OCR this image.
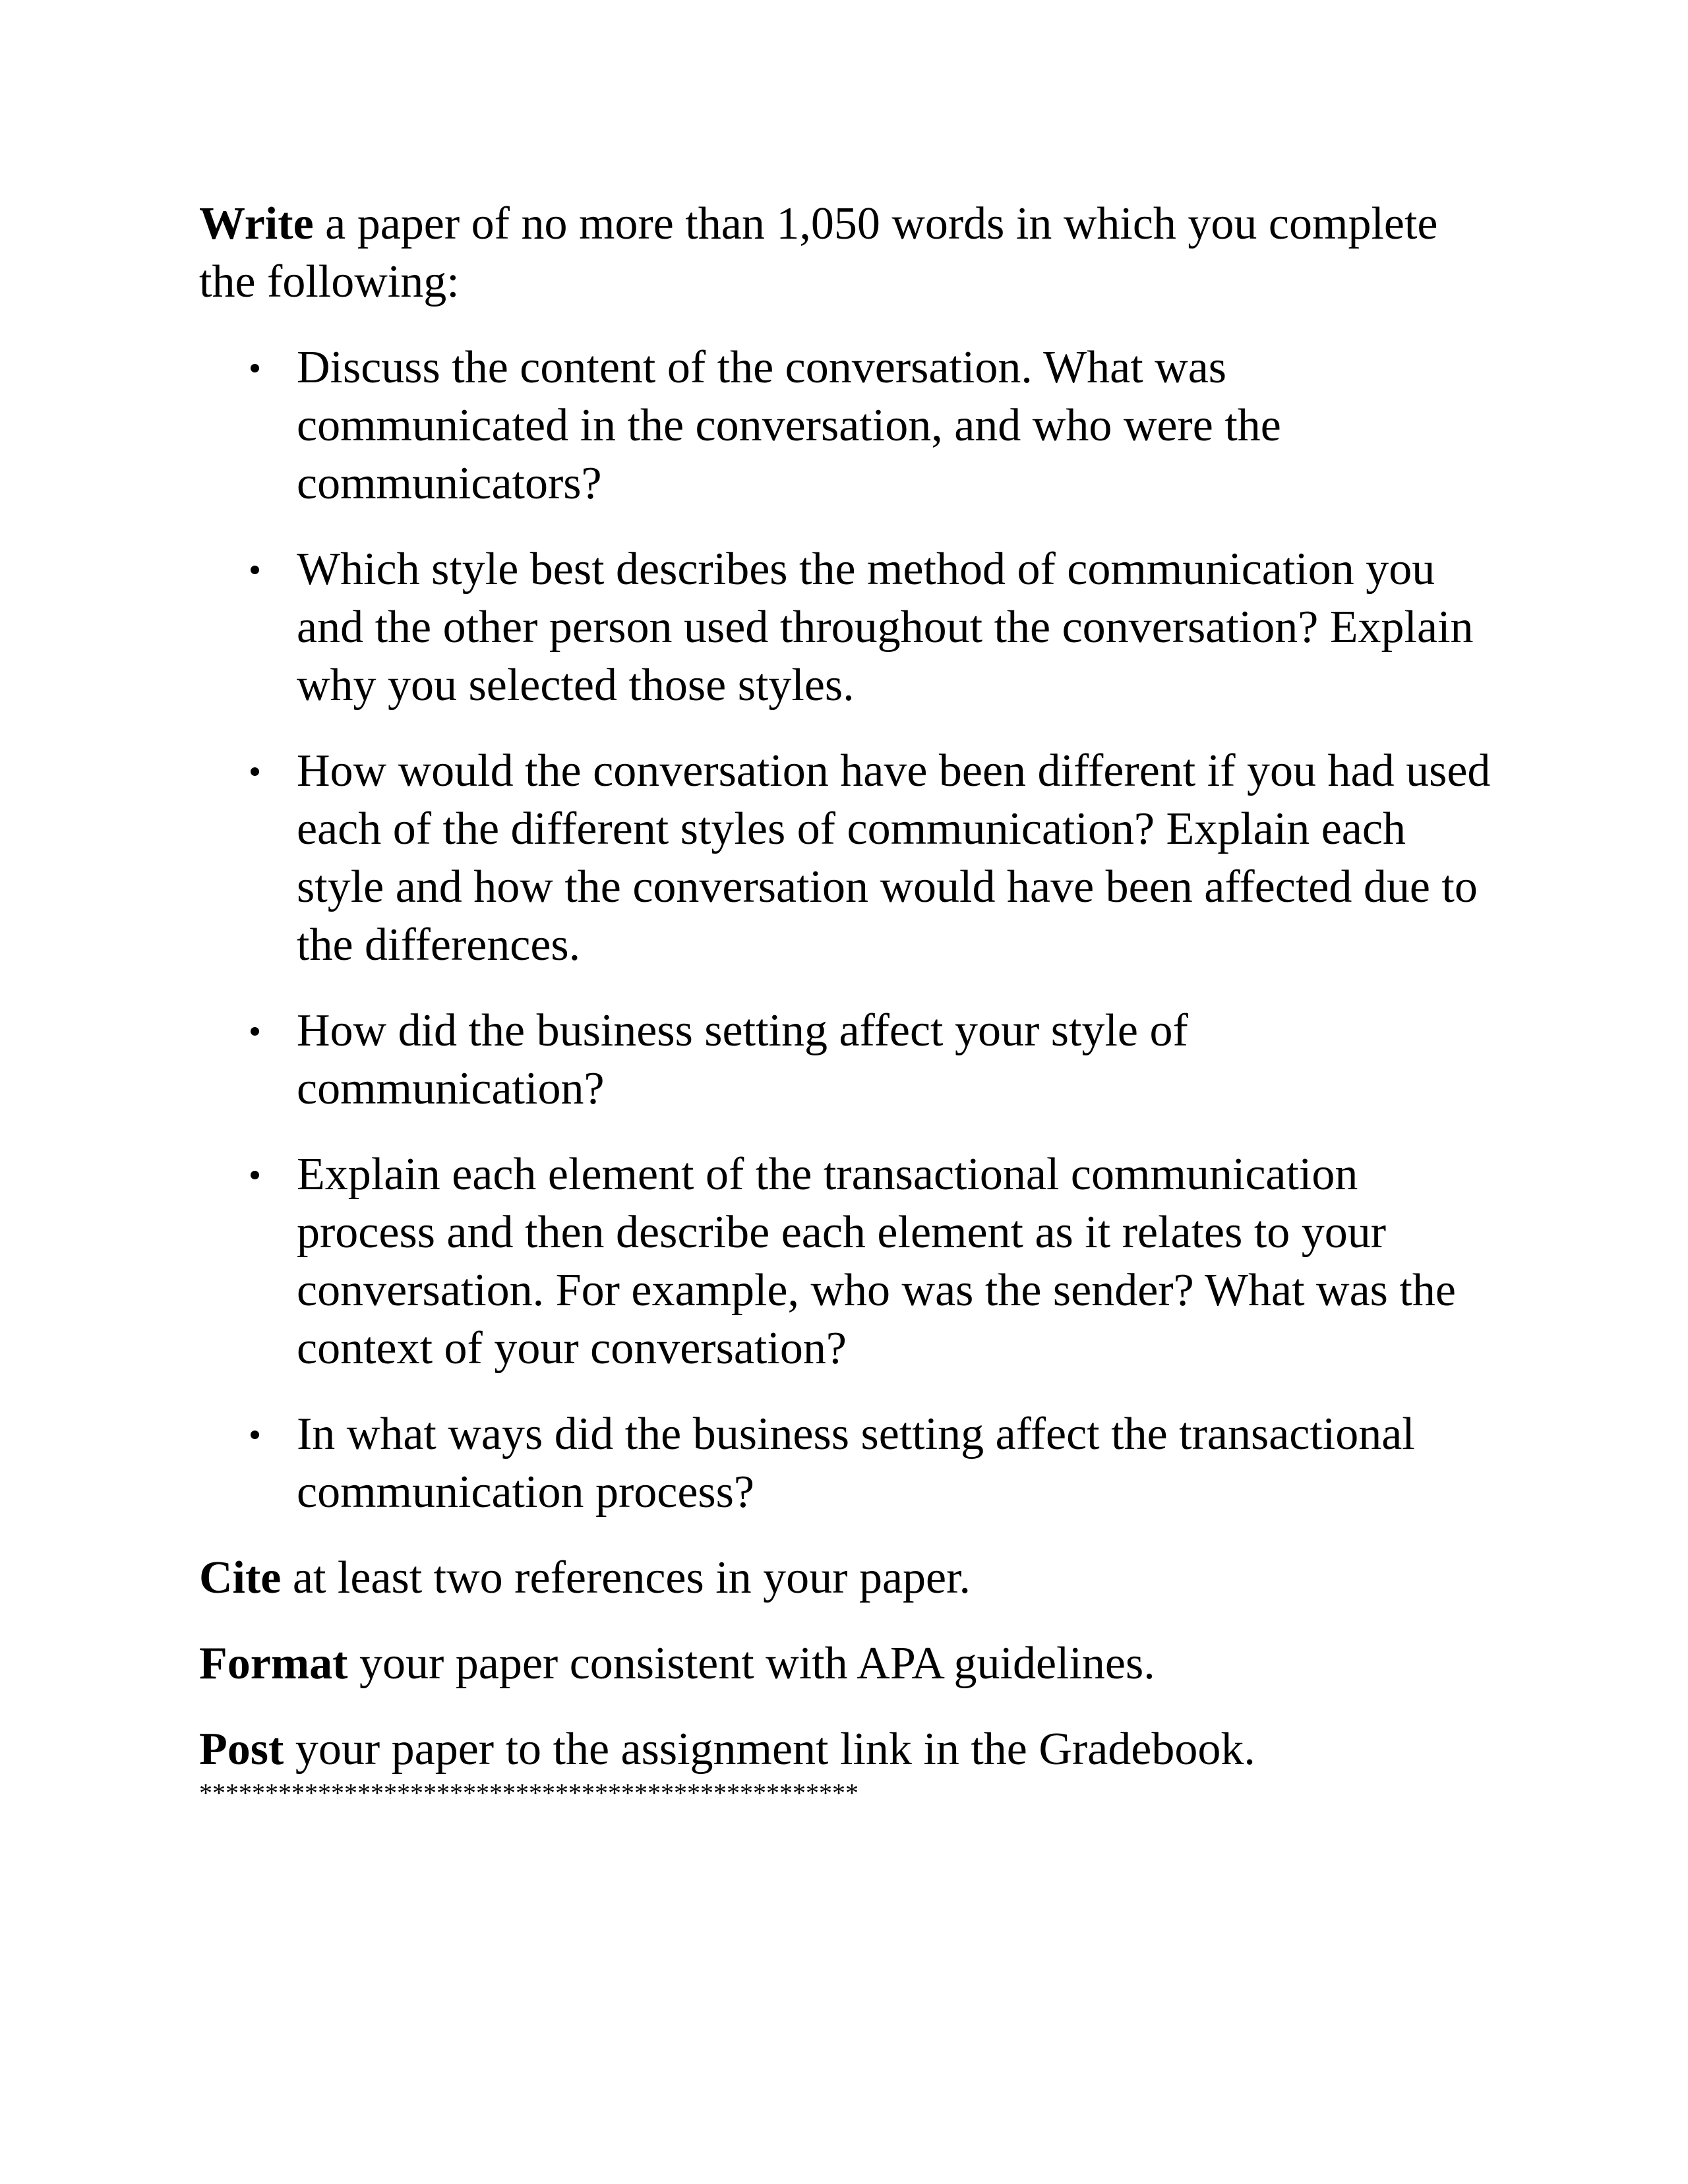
Write a paper of no more than 1,050 words in which you complete the following:

Discuss the content of the conversation. What was communicated in the conversation, and who were the communicators?
Which style best describes the method of communication you and the other person used throughout the conversation? Explain why you selected those styles.
How would the conversation have been different if you had used each of the different styles of communication? Explain each style and how the conversation would have been affected due to the differences.
How did the business setting affect your style of communication?
Explain each element of the transactional communication process and then describe each element as it relates to your conversation. For example, who was the sender? What was the context of your conversation?
In what ways did the business setting affect the transactional communication process?

Cite at least two references in your paper.

Format your paper consistent with APA guidelines.

Post your paper to the assignment link in the Gradebook.

**************************************************
